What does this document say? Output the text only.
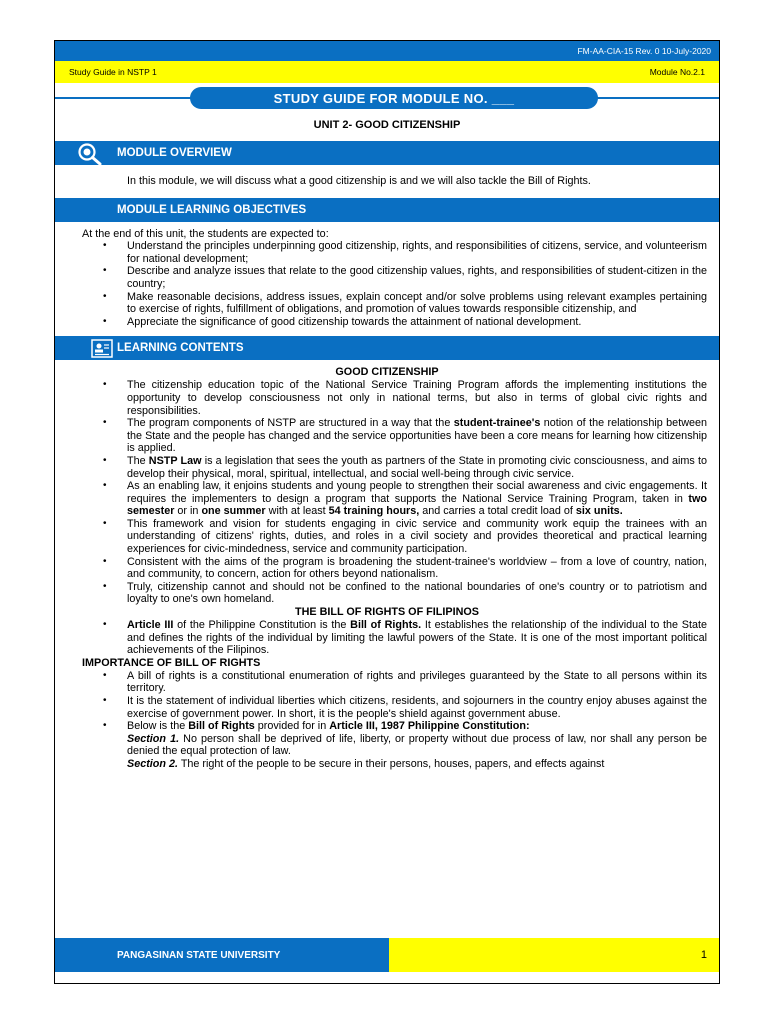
FM-AA-CIA-15 Rev. 0 10-July-2020
Study Guide in NSTP 1	Module No.2.1
STUDY GUIDE FOR MODULE NO. ___
UNIT 2- GOOD CITIZENSHIP
MODULE OVERVIEW
In this module, we will discuss what a good citizenship is and we will also tackle the Bill of Rights.
MODULE LEARNING OBJECTIVES
At the end of this unit, the students are expected to:
• Understand the principles underpinning good citizenship, rights, and responsibilities of citizens, service, and volunteerism for national development;
• Describe and analyze issues that relate to the good citizenship values, rights, and responsibilities of student-citizen in the country;
• Make reasonable decisions, address issues, explain concept and/or solve problems using relevant examples pertaining to exercise of rights, fulfillment of obligations, and promotion of values towards responsible citizenship, and
• Appreciate the significance of good citizenship towards the attainment of national development.
LEARNING CONTENTS
GOOD CITIZENSHIP
• The citizenship education topic of the National Service Training Program affords the implementing institutions the opportunity to develop consciousness not only in national terms, but also in terms of global civic rights and responsibilities.
• The program components of NSTP are structured in a way that the student-trainee's notion of the relationship between the State and the people has changed and the service opportunities have been a core means for learning how citizenship is applied.
• The NSTP Law is a legislation that sees the youth as partners of the State in promoting civic consciousness, and aims to develop their physical, moral, spiritual, intellectual, and social well-being through civic service.
• As an enabling law, it enjoins students and young people to strengthen their social awareness and civic engagements. It requires the implementers to design a program that supports the National Service Training Program, taken in two semester or in one summer with at least 54 training hours, and carries a total credit load of six units.
• This framework and vision for students engaging in civic service and community work equip the trainees with an understanding of citizens' rights, duties, and roles in a civil society and provides theoretical and practical learning experiences for civic-mindedness, service and community participation.
• Consistent with the aims of the program is broadening the student-trainee's worldview – from a love of country, nation, and community, to concern, action for others beyond nationalism.
• Truly, citizenship cannot and should not be confined to the national boundaries of one's country or to patriotism and loyalty to one's own homeland.
THE BILL OF RIGHTS OF FILIPINOS
• Article III of the Philippine Constitution is the Bill of Rights. It establishes the relationship of the individual to the State and defines the rights of the individual by limiting the lawful powers of the State. It is one of the most important political achievements of the Filipinos.
IMPORTANCE OF BILL OF RIGHTS
• A bill of rights is a constitutional enumeration of rights and privileges guaranteed by the State to all persons within its territory.
• It is the statement of individual liberties which citizens, residents, and sojourners in the country enjoy abuses against the exercise of government power. In short, it is the people's shield against government abuse.
• Below is the Bill of Rights provided for in Article III, 1987 Philippine Constitution:
Section 1. No person shall be deprived of life, liberty, or property without due process of law, nor shall any person be denied the equal protection of law.
Section 2. The right of the people to be secure in their persons, houses, papers, and effects against
PANGASINAN STATE UNIVERSITY	1
